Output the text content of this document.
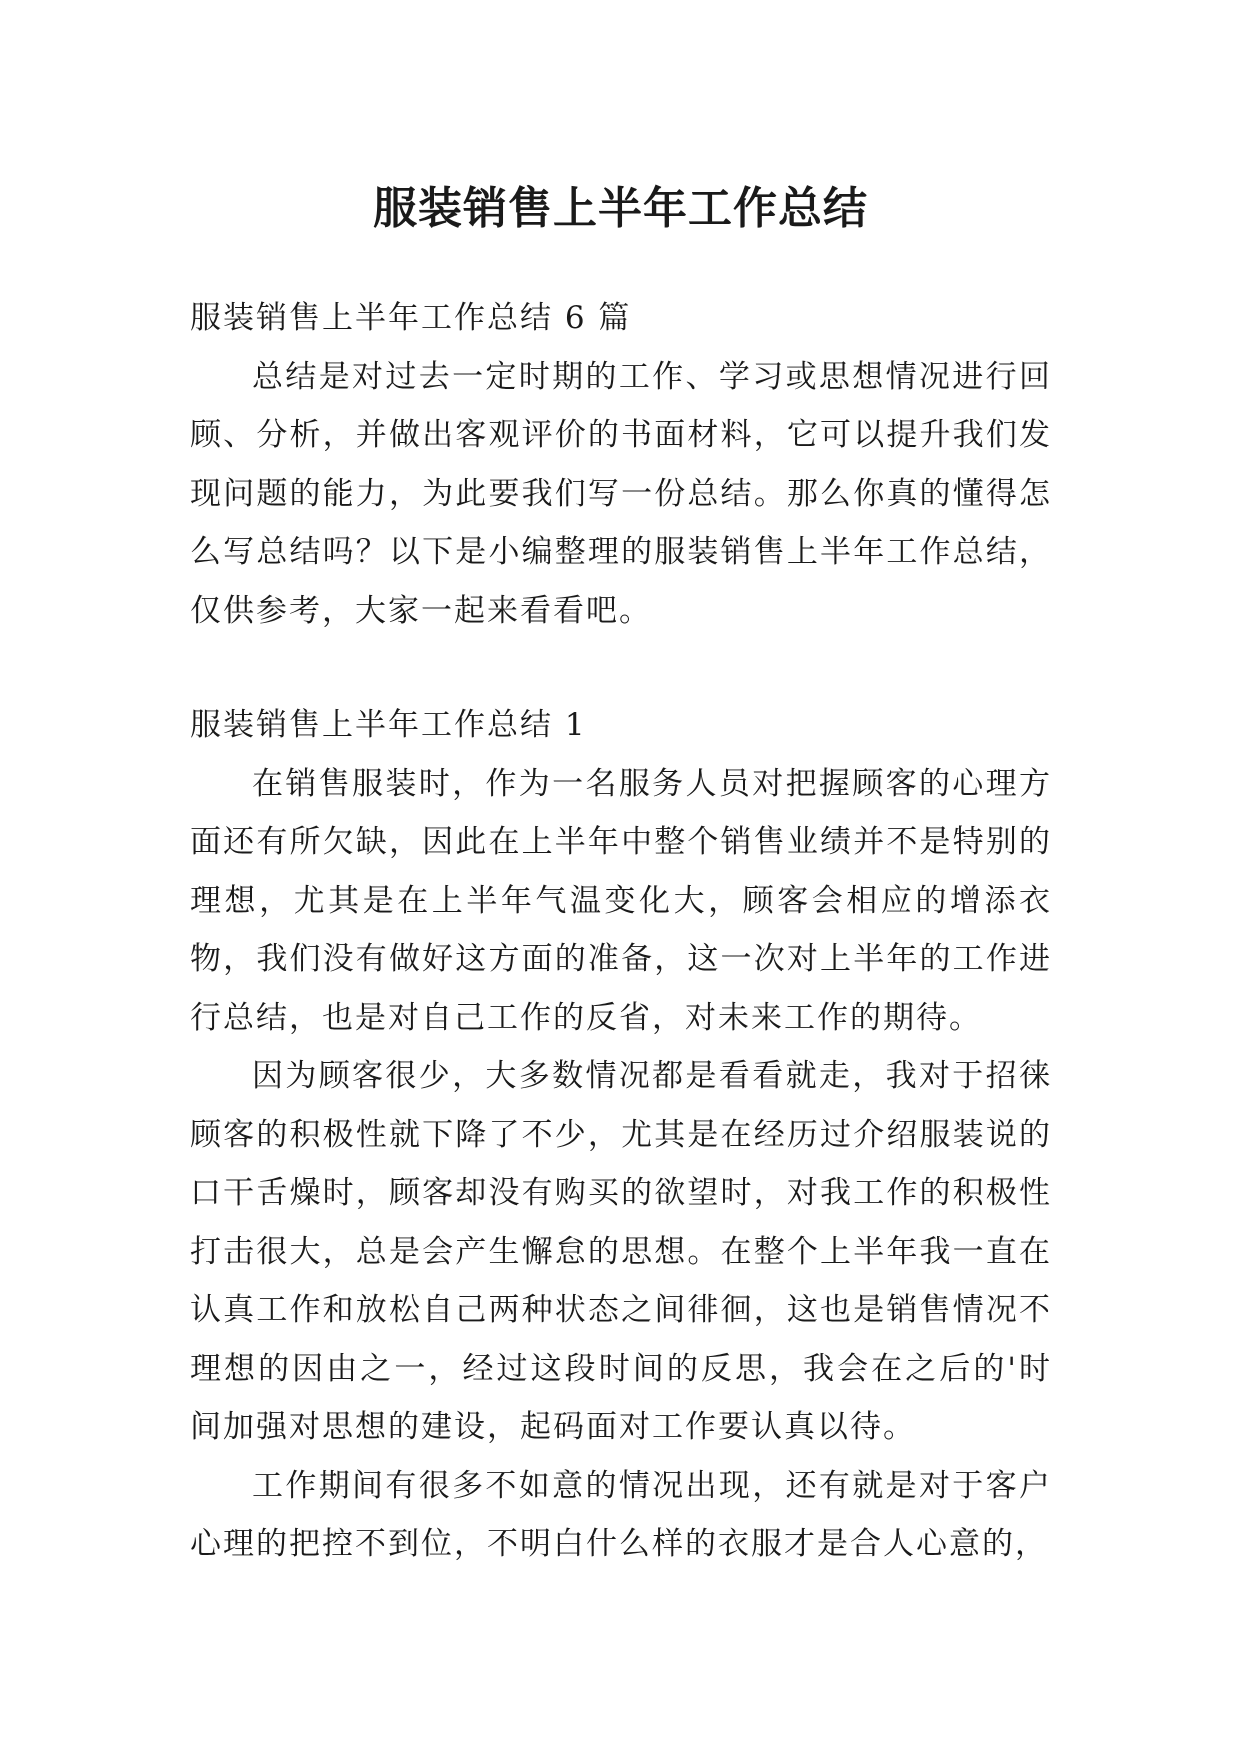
服装销售上半年工作总结

服装销售上半年工作总结 6 篇

总结是对过去一定时期的工作、学习或思想情况进行回顾、分析，并做出客观评价的书面材料，它可以提升我们发现问题的能力，为此要我们写一份总结。那么你真的懂得怎么写总结吗？以下是小编整理的服装销售上半年工作总结，仅供参考，大家一起来看看吧。

服装销售上半年工作总结 1

在销售服装时，作为一名服务人员对把握顾客的心理方面还有所欠缺，因此在上半年中整个销售业绩并不是特别的理想，尤其是在上半年气温变化大，顾客会相应的增添衣物，我们没有做好这方面的准备，这一次对上半年的工作进行总结，也是对自己工作的反省，对未来工作的期待。

因为顾客很少，大多数情况都是看看就走，我对于招徕顾客的积极性就下降了不少，尤其是在经历过介绍服装说的口干舌燥时，顾客却没有购买的欲望时，对我工作的积极性打击很大，总是会产生懈怠的思想。在整个上半年我一直在认真工作和放松自己两种状态之间徘徊，这也是销售情况不理想的因由之一，经过这段时间的反思，我会在之后的'时间加强对思想的建设，起码面对工作要认真以待。

工作期间有很多不如意的情况出现，还有就是对于客户心理的把控不到位，不明白什么样的衣服才是合人心意的，
